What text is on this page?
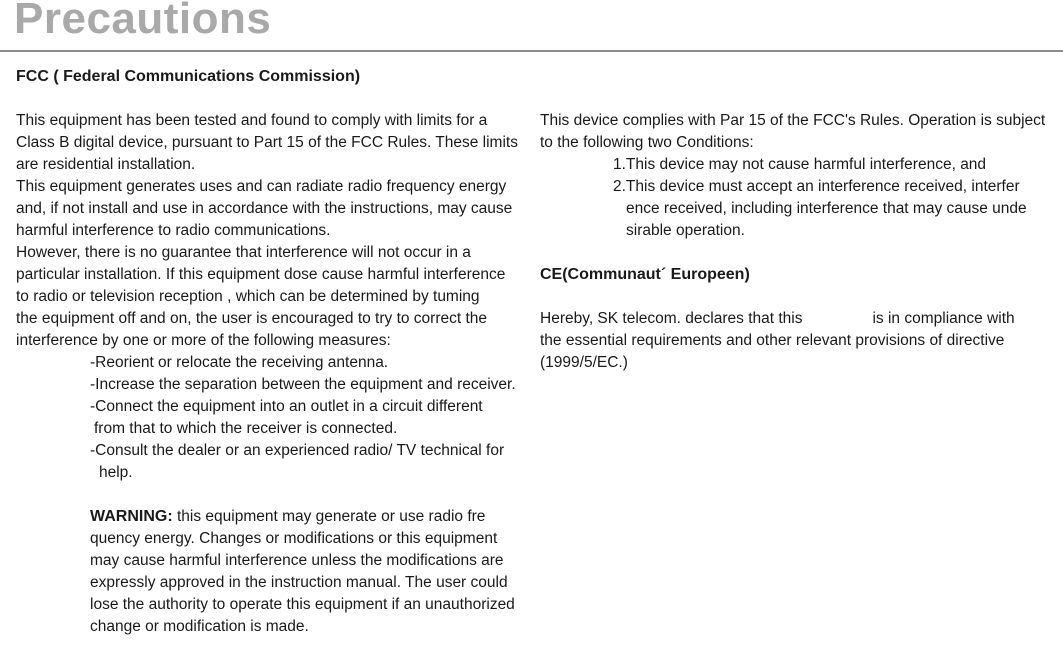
Precautions

FCC ( Federal Communications Commission)

This equipment has been tested and found to comply with limits for a
Class B digital device, pursuant to Part 15 of the FCC Rules. These limits
are residential installation.
This equipment generates uses and can radiate radio frequency energy
and, if not install and use in accordance with the instructions, may cause
harmful interference to radio communications.
However, there is no guarantee that interference will not occur in a
particular installation. If this equipment dose cause harmful interference
to radio or television reception , which can be determined by tuming
the equipment off and on, the user is encouraged to try to correct the
interference by one or more of the following measures:
-Reorient or relocate the receiving antenna.
-Increase the separation between the equipment and receiver.
-Connect the equipment into an outlet in a circuit different
from that to which the receiver is connected.
-Consult the dealer or an experienced radio/ TV technical for
help.
WARNING: this equipment may generate or use radio fre
quency energy. Changes or modifications or this equipment
may cause harmful interference unless the modifications are
expressly approved in the instruction manual. The user could
lose the authority to operate this equipment if an unauthorized
change or modification is made.
This device complies with Par 15 of the FCC's Rules. Operation is subject
to the following two Conditions:
1.This device may not cause harmful interference, and
2.This device must accept an interference received, interfer
ence received, including interference that may cause unde
sirable operation.

CE(Communaut´ Europeen)

Hereby, SK telecom. declares that this	is in compliance with
the essential requirements and other relevant provisions of directive
(1999/5/EC.)
